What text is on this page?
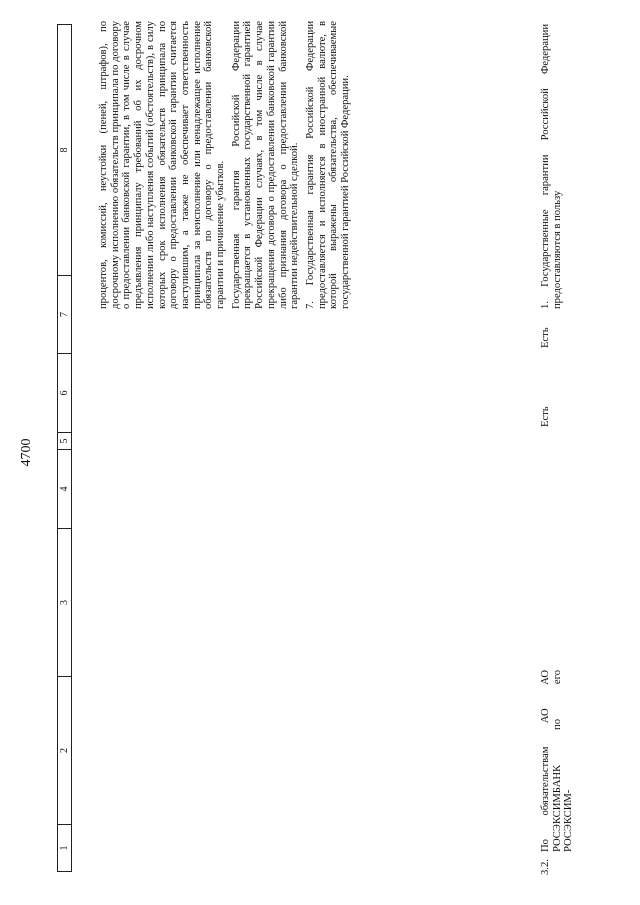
4700
1
2
3
4
5
6
7
8	процентов, комиссий, неустойки (пеней, штрафов), по досрочному исполнению обязательств принципала по договору о предоставлении банковской гарантии, в том числе в случае предъявления принципалу требований об их досрочном исполнении либо наступления событий (обстоятельств), в силу которых срок исполнения обязательств принципала по договору о предоставлении банковской гарантии считается наступившим, а также не обеспечивает ответственность принципала за неисполнение или ненадлежащее исполнение обязательств по договору о предоставлении банковской гарантии и причинение убытков. Государственная гарантия Российской Федерации прекращается в установленных государственной гарантией Российской Федерации случаях, в том числе в случае прекращения договора о предоставлении банковской гарантии либо признания договора о предоставлении банковской гарантии недействительной сделкой. 7. Государственная гарантия Российской Федерации предоставляется и исполняется в иностранной валюте, в которой выражены обязательства, обеспечиваемые государственной гарантией Российской Федерации.

3.2.
По обязательствам АО АО РОСЭКСИМБАНК по его РОСЭКСИМ-
Есть
Есть
1. Государственные гарантии Российской Федерации предоставляются в пользу
